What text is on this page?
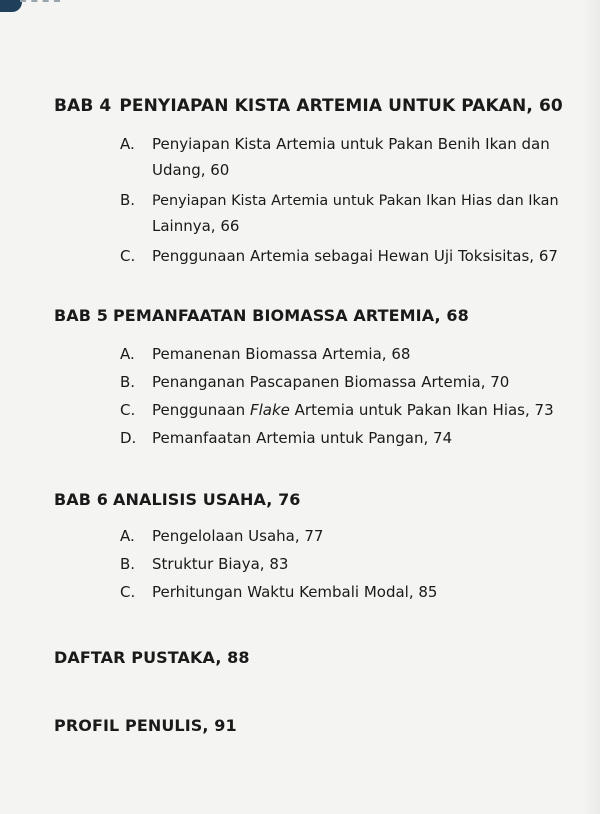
BAB 4 PENYIAPAN KISTA ARTEMIA UNTUK PAKAN, 60
A. Penyiapan Kista Artemia untuk Pakan Benih Ikan dan
Udang, 60
B. Penyiapan Kista Artemia untuk Pakan Ikan Hias dan Ikan
Lainnya, 66
C. Penggunaan Artemia sebagai Hewan Uji Toksisitas, 67
BAB 5 PEMANFAATAN BIOMASSA ARTEMIA, 68
A. Pemanenan Biomassa Artemia, 68
B. Penanganan Pascapanen Biomassa Artemia, 70
C. Penggunaan Flake Artemia untuk Pakan Ikan Hias, 73
D. Pemanfaatan Artemia untuk Pangan, 74
BAB 6 ANALISIS USAHA, 76
A. Pengelolaan Usaha, 77
B. Struktur Biaya, 83
C. Perhitungan Waktu Kembali Modal, 85
DAFTAR PUSTAKA, 88
PROFIL PENULIS, 91
